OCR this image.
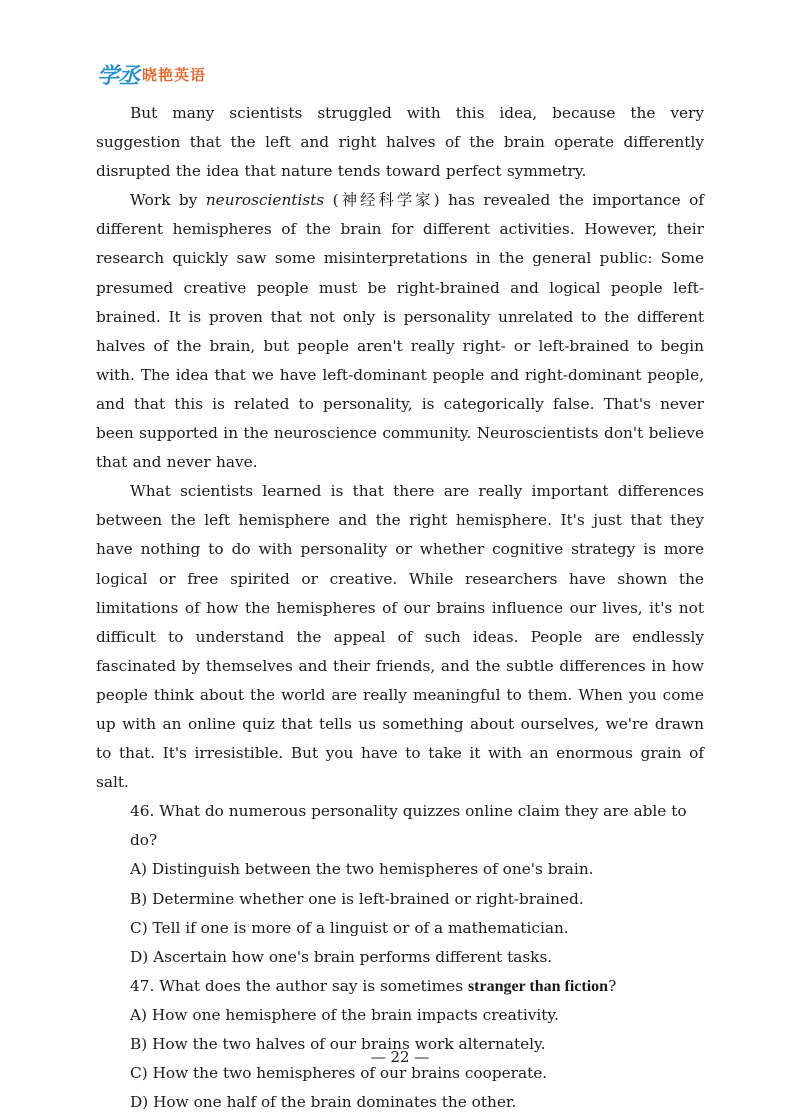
学丞 晓艳英语

But many scientists struggled with this idea, because the very suggestion that the left and right halves of the brain operate differently disrupted the idea that nature tends toward perfect symmetry.

Work by neuroscientists (神经科学家) has revealed the importance of different hemispheres of the brain for different activities. However, their research quickly saw some misinterpretations in the general public: Some presumed creative people must be right-brained and logical people left-brained. It is proven that not only is personality unrelated to the different halves of the brain, but people aren't really right- or left-brained to begin with. The idea that we have left-dominant people and right-dominant people, and that this is related to personality, is categorically false. That's never been supported in the neuroscience community. Neuroscientists don't believe that and never have.

What scientists learned is that there are really important differences between the left hemisphere and the right hemisphere. It's just that they have nothing to do with personality or whether cognitive strategy is more logical or free spirited or creative. While researchers have shown the limitations of how the hemispheres of our brains influence our lives, it's not difficult to understand the appeal of such ideas. People are endlessly fascinated by themselves and their friends, and the subtle differences in how people think about the world are really meaningful to them. When you come up with an online quiz that tells us something about ourselves, we're drawn to that. It's irresistible. But you have to take it with an enormous grain of salt.

46. What do numerous personality quizzes online claim they are able to do?

A) Distinguish between the two hemispheres of one's brain.

B) Determine whether one is left-brained or right-brained.

C) Tell if one is more of a linguist or of a mathematician.

D) Ascertain how one's brain performs different tasks.

47. What does the author say is sometimes stranger than fiction?

A) How one hemisphere of the brain impacts creativity.

B) How the two halves of our brains work alternately.

C) How the two hemispheres of our brains cooperate.

D) How one half of the brain dominates the other.

— 22 —
